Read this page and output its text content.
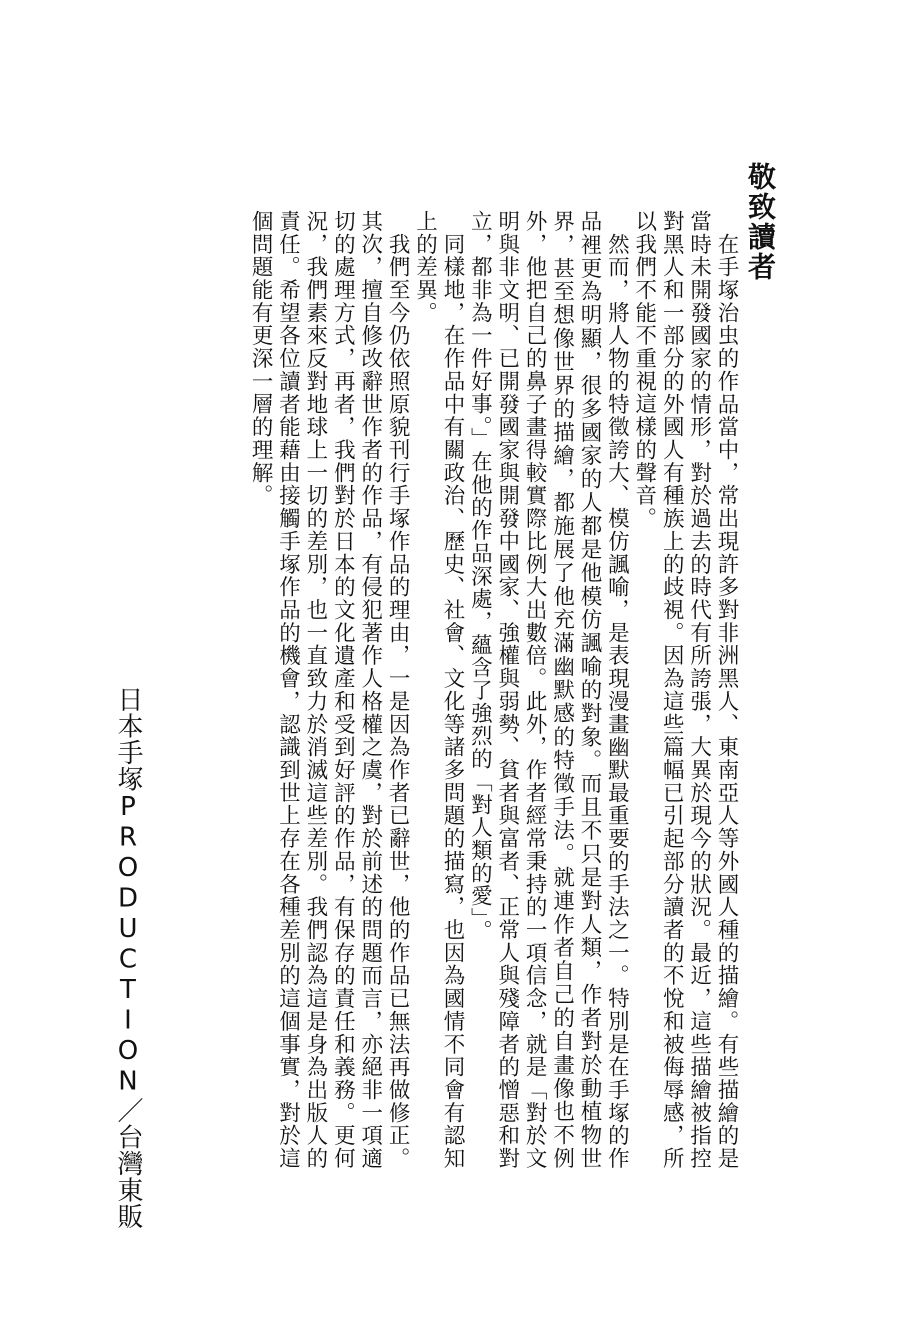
敬致讀者

　在手塚治虫的作品當中，常出現許多對非洲黑人、東南亞人等外國人種的描繪。有些描繪的是當時未開發國家的情形，對於過去的時代有所誇張，大異於現今的狀況。最近，這些描繪被指控對黑人和一部分的外國人有種族上的歧視。因為這些篇幅已引起部分讀者的不悅和被侮辱感，所以我們不能不重視這樣的聲音。

　然而，將人物的特徵誇大、模仿諷喻，是表現漫畫幽默最重要的手法之一。特別是在手塚的作品裡更為明顯，很多國家的人都是他模仿諷喻的對象。而且不只是對人類，作者對於動植物世界，甚至想像世界的描繪，都施展了他充滿幽默感的特徵手法。就連作者自己的自畫像也不例外，他把自己的鼻子畫得較實際比例大出數倍。此外，作者經常秉持的一項信念，就是「對於文明與非文明、已開發國家與開發中國家、強權與弱勢、貧者與富者、正常人與殘障者的憎惡和對立，都非為一件好事。」在他的作品深處，蘊含了強烈的「對人類的愛」。

　同樣地，在作品中有關政治、歷史、社會、文化等諸多問題的描寫，也因為國情不同會有認知上的差異。

　我們至今仍依照原貌刊行手塚作品的理由，一是因為作者已辭世，他的作品已無法再做修正。其次，擅自修改辭世作者的作品，有侵犯著作人格權之虞，對於前述的問題而言，亦絕非一項適切的處理方式，再者，我們對於日本的文化遺產和受到好評的作品，有保存的責任和義務。更何況，我們素來反對地球上一切的差別，也一直致力於消滅這些差別。我們認為這是身為出版人的責任。希望各位讀者能藉由接觸手塚作品的機會，認識到世上存在各種差別的這個事實，對於這個問題能有更深一層的理解。

日本手塚PRODUCTION／台灣東販
